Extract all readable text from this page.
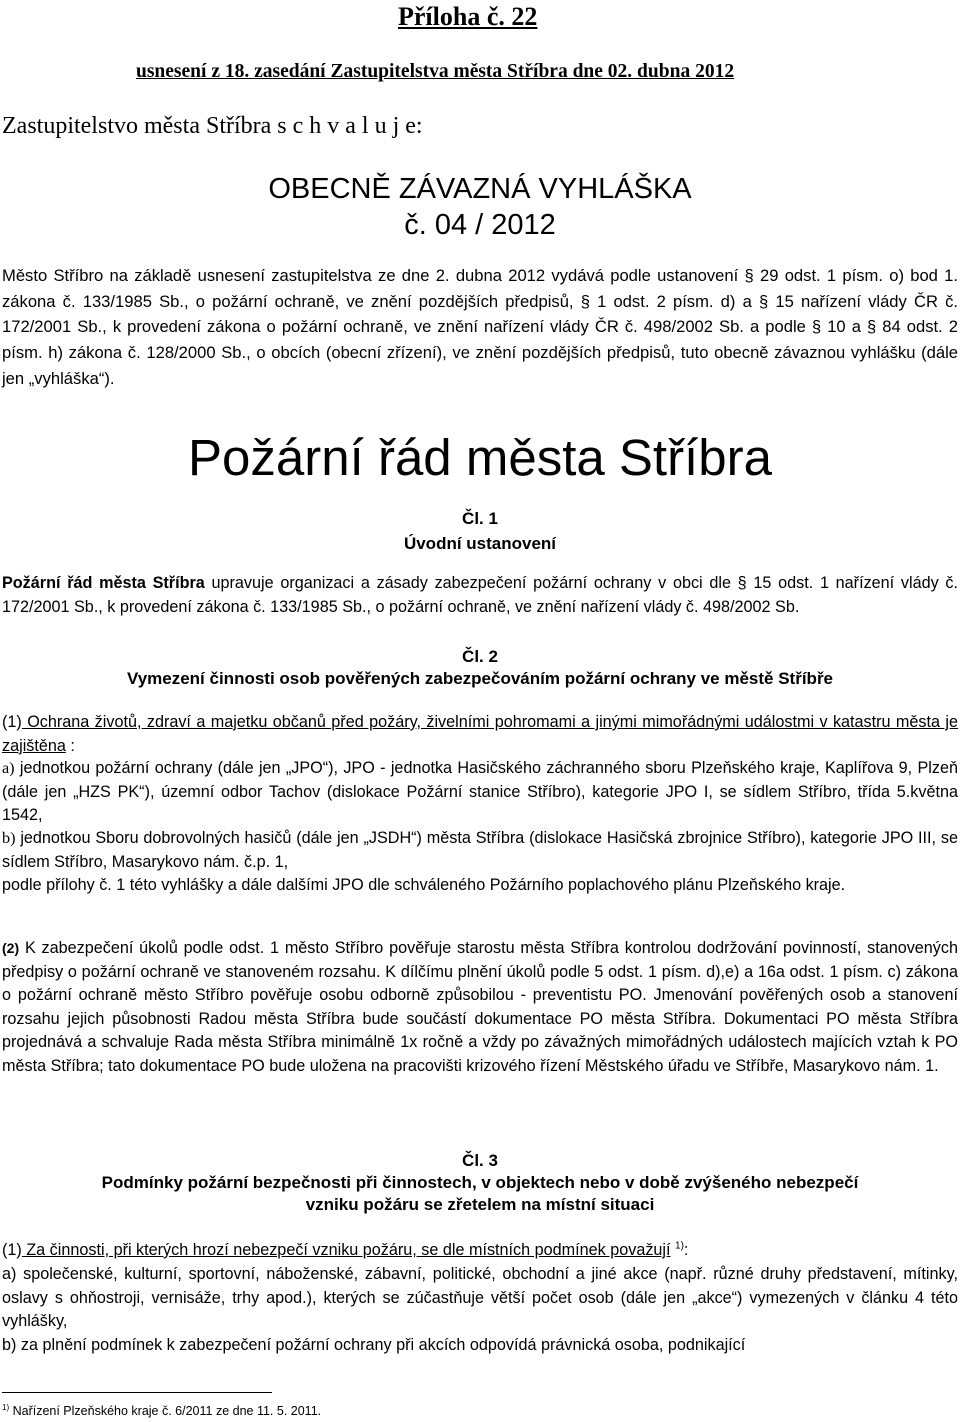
Příloha č. 22
usnesení z 18. zasedání Zastupitelstva města Stříbra dne 02. dubna 2012
Zastupitelstvo města Stříbra s c h v a l u j e:
OBECNĚ ZÁVAZNÁ VYHLÁŠKA
č. 04 / 2012
Město Stříbro na základě usnesení zastupitelstva ze dne 2. dubna 2012 vydává podle ustanovení § 29 odst. 1 písm. o) bod 1. zákona č. 133/1985 Sb., o požární ochraně, ve znění pozdějších předpisů, § 1 odst. 2 písm. d) a § 15 nařízení vlády ČR č. 172/2001 Sb., k provedení zákona o požární ochraně, ve znění nařízení vlády ČR č. 498/2002 Sb. a podle § 10 a § 84 odst. 2 písm. h) zákona č. 128/2000 Sb., o obcích (obecní zřízení), ve znění pozdějších předpisů, tuto obecně závaznou vyhlášku (dále jen „vyhláška“).
Požární řád města Stříbra
Čl. 1
Úvodní ustanovení
Požární řád města Stříbra upravuje organizaci a zásady zabezpečení požární ochrany v obci dle § 15 odst. 1 nařízení vlády č. 172/2001 Sb., k provedení zákona č. 133/1985 Sb., o požární ochraně, ve znění nařízení vlády č. 498/2002 Sb.
Čl. 2
Vymezení činnosti osob pověřených zabezpečováním požární ochrany ve městě Stříbře
(1) Ochrana životů, zdraví a majetku občanů před požáry, živelními pohromami a jinými mimořádnými událostmi v katastru města je zajištěna :
a) jednotkou požární ochrany (dále jen „JPO“), JPO - jednotka Hasičského záchranného sboru Plzeňského kraje, Kaplířova 9, Plzeň (dále jen „HZS PK“), územní odbor Tachov (dislokace Požární stanice Stříbro), kategorie JPO I, se sídlem Stříbro, třída 5.května 1542,
b) jednotkou Sboru dobrovolných hasičů (dále jen „JSDH“) města Stříbra (dislokace Hasičská zbrojnice Stříbro), kategorie JPO III, se sídlem Stříbro, Masarykovo nám. č.p. 1,
podle přílohy č. 1 této vyhlášky a dále dalšími JPO dle schváleného Požárního poplachového plánu Plzeňského kraje.
(2) K zabezpečení úkolů podle odst. 1 město Stříbro pověřuje starostu města Stříbra kontrolou dodržování povinností, stanovených předpisy o požární ochraně ve stanoveném rozsahu. K dílčímu plnění úkolů podle 5 odst. 1 písm. d),e) a 16a odst. 1 písm. c) zákona o požární ochraně město Stříbro pověřuje osobu odborně způsobilou - preventistu PO. Jmenování pověřených osob a stanovení rozsahu jejich působnosti Radou města Stříbra bude součástí dokumentace PO města Stříbra. Dokumentaci PO města Stříbra projednává a schvaluje Rada města Stříbra minimálně 1x ročně a vždy po závažných mimořádných událostech majících vztah k PO města Stříbra; tato dokumentace PO bude uložena na pracovišti krizového řízení Městského úřadu ve Stříbře, Masarykovo nám. 1.
Čl. 3
Podmínky požární bezpečnosti při činnostech, v objektech nebo v době zvýšeného nebezpečí
vzniku požáru se zřetelem na místní situaci
(1) Za činnosti, při kterých hrozí nebezpečí vzniku požáru, se dle místních podmínek považují $^{1)}$:
a) společenské, kulturní, sportovní, náboženské, zábavní, politické, obchodní a jiné akce (např. různé druhy představení, mítinky, oslavy s ohňostroji, vernisáže, trhy apod.), kterých se zúčastňuje větší počet osob (dále jen „akce“) vymezených v článku 4 této vyhlášky,
b) za plnění podmínek k zabezpečení požární ochrany při akcích odpovídá právnická osoba, podnikající
$^{1)}$ Nařízení Plzeňského kraje č. 6/2011 ze dne 11. 5. 2011.
